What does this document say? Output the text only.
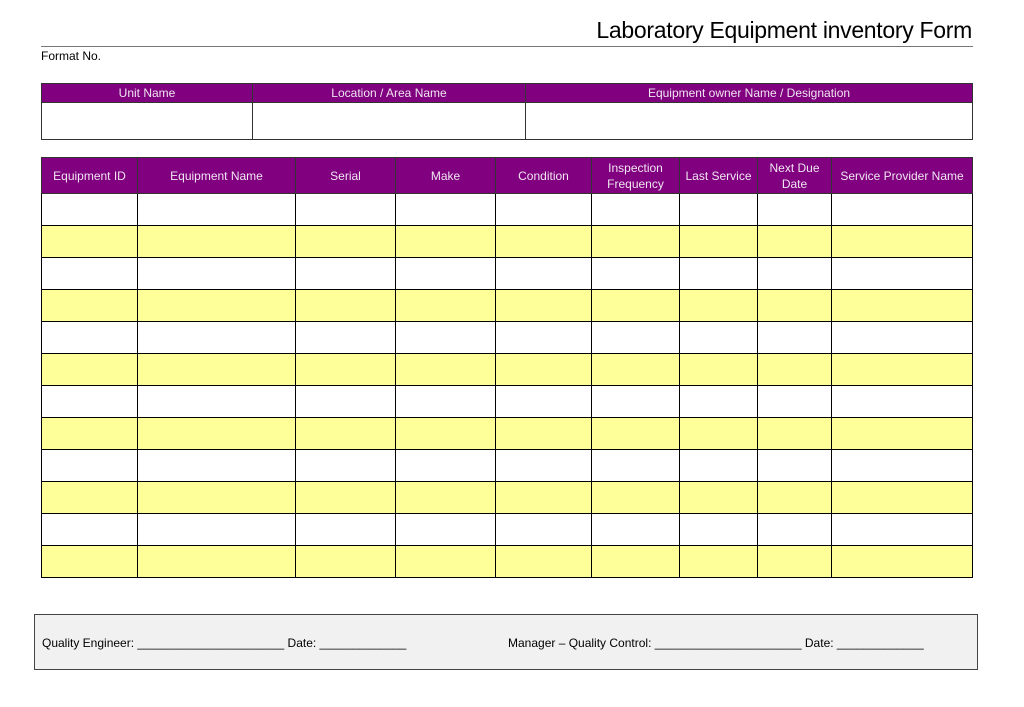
Laboratory Equipment inventory Form
Format No.
Unit Name	Location / Area Name	Equipment owner Name / Designation

Equipment ID	Equipment Name	Serial	Make	Condition	Inspection Frequency	Last Service	Next Due Date	Service Provider Name

Quality Engineer: ______________________ Date: _____________	Manager – Quality Control: ______________________ Date: _____________
